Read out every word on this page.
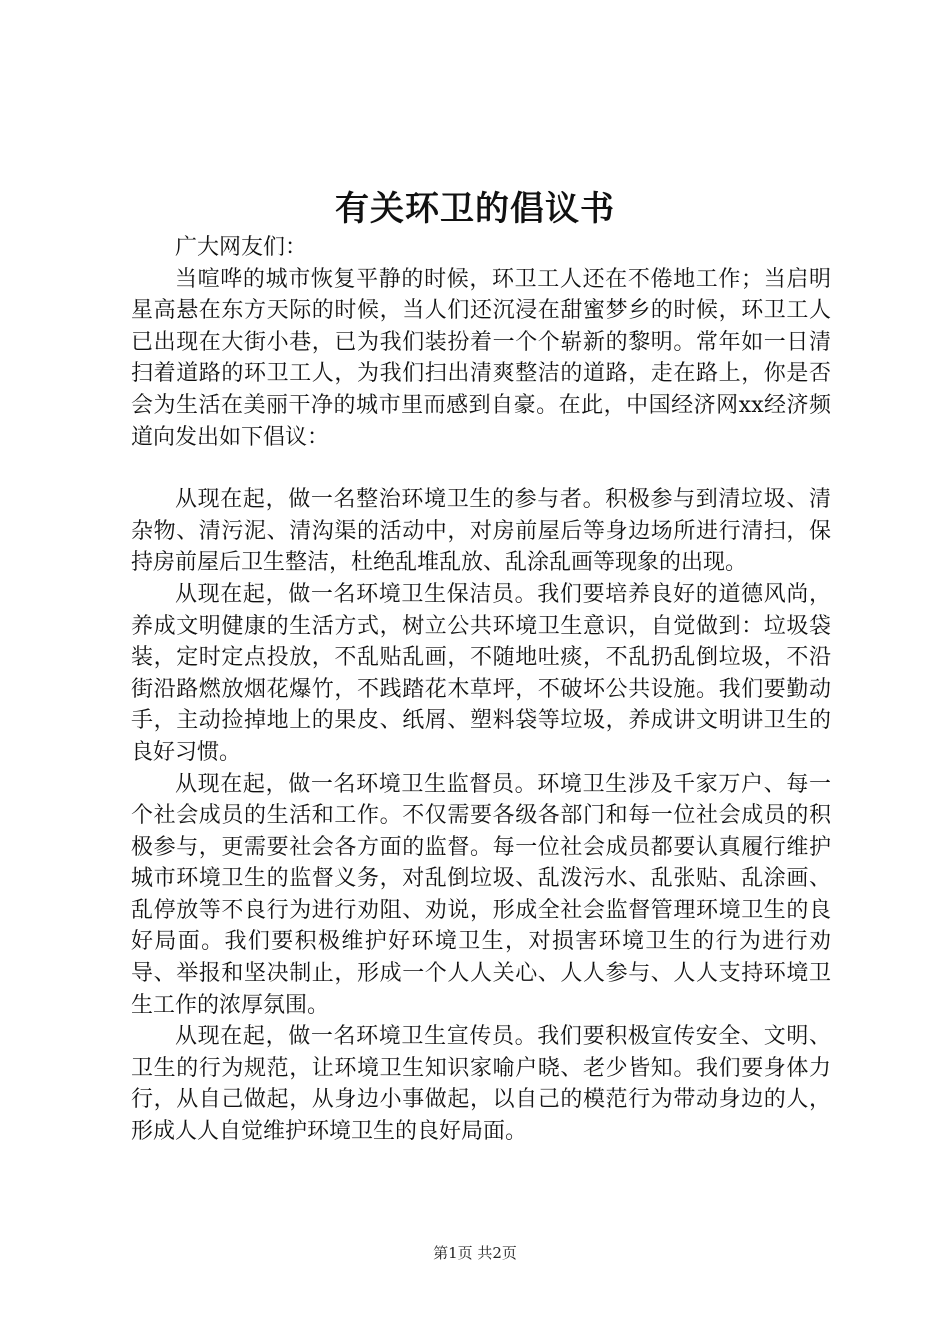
有关环卫的倡议书

广大网友们：

当喧哗的城市恢复平静的时候，环卫工人还在不倦地工作；当启明星高悬在东方天际的时候，当人们还沉浸在甜蜜梦乡的时候，环卫工人已出现在大街小巷，已为我们装扮着一个个崭新的黎明。常年如一日清扫着道路的环卫工人，为我们扫出清爽整洁的道路，走在路上，你是否会为生活在美丽干净的城市里而感到自豪。在此，中国经济网xx经济频道向发出如下倡议：

从现在起，做一名整治环境卫生的参与者。积极参与到清垃圾、清杂物、清污泥、清沟渠的活动中，对房前屋后等身边场所进行清扫，保持房前屋后卫生整洁，杜绝乱堆乱放、乱涂乱画等现象的出现。

从现在起，做一名环境卫生保洁员。我们要培养良好的道德风尚，养成文明健康的生活方式，树立公共环境卫生意识，自觉做到：垃圾袋装，定时定点投放，不乱贴乱画，不随地吐痰，不乱扔乱倒垃圾，不沿街沿路燃放烟花爆竹，不践踏花木草坪，不破坏公共设施。我们要勤动手，主动捡掉地上的果皮、纸屑、塑料袋等垃圾，养成讲文明讲卫生的良好习惯。

从现在起，做一名环境卫生监督员。环境卫生涉及千家万户、每一个社会成员的生活和工作。不仅需要各级各部门和每一位社会成员的积极参与，更需要社会各方面的监督。每一位社会成员都要认真履行维护城市环境卫生的监督义务，对乱倒垃圾、乱泼污水、乱张贴、乱涂画、乱停放等不良行为进行劝阻、劝说，形成全社会监督管理环境卫生的良好局面。我们要积极维护好环境卫生，对损害环境卫生的行为进行劝导、举报和坚决制止，形成一个人人关心、人人参与、人人支持环境卫生工作的浓厚氛围。

从现在起，做一名环境卫生宣传员。我们要积极宣传安全、文明、卫生的行为规范，让环境卫生知识家喻户晓、老少皆知。我们要身体力行，从自己做起，从身边小事做起，以自己的模范行为带动身边的人，形成人人自觉维护环境卫生的良好局面。

第1页 共2页
